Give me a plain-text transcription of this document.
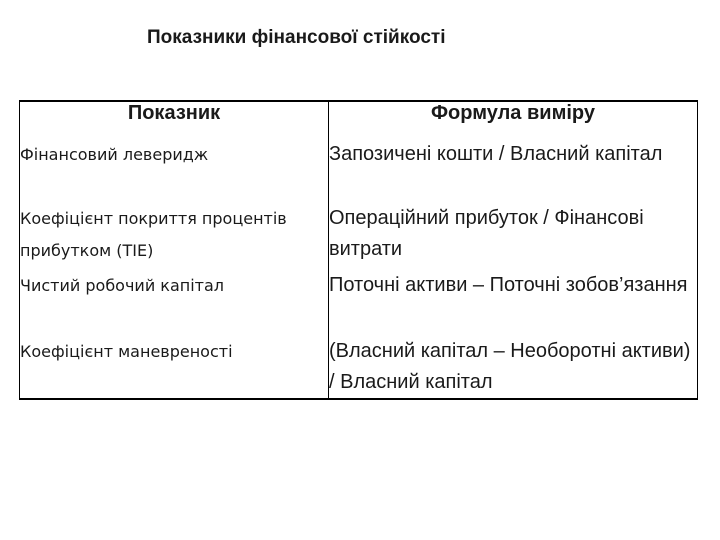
Показники фінансової стійкості
Показник	Формула виміру
Фінансовий леверидж	Запозичені кошти / Власний капітал
Коефіцієнт покриття процентів прибутком (TIE)	Операційний прибуток / Фінансові витрати
Чистий робочий капітал	Поточні активи – Поточні зобов’язання
Коефіцієнт маневреності	(Власний капітал – Необоротні активи) / Власний капітал
